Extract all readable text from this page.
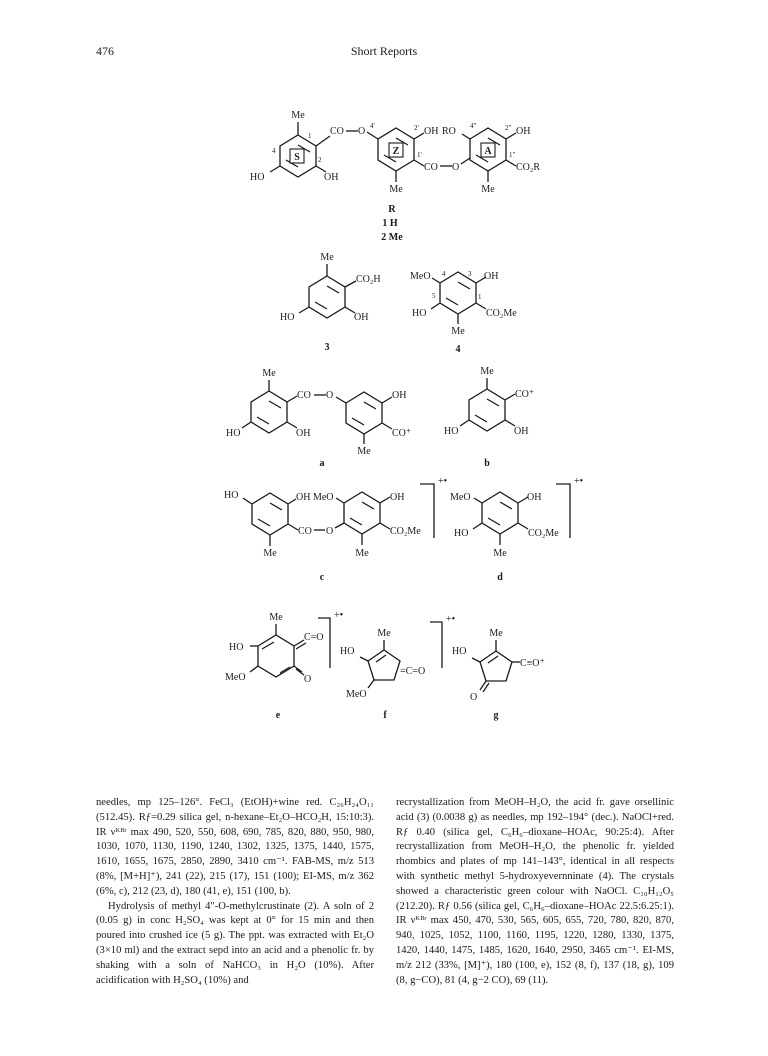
476	Short Reports
S
Me
1
2
4
HO	OH
CO O 4'
Z
2' OH
1'
CO O
Me
A
RO 4"	2" OH
1"
CO₂R
Me
R
1 H
2 Me
Me
CO₂H
HO	OH
3
MeO 4	3 OH
5	1
HO	CO₂Me
Me
4
Me
CO O
HO	OH
OH
CO⁺
Me
a
Me
CO⁺
HO	OH
b
HO	OH MeO
CO O
Me
OH
CO₂Me
Me
+•
c
MeO	OH
HO	CO₂Me
Me
+•
d
Me
HO
MeO	O
C=O
+•
e
Me
HO
MeO
=C=O
+•
f
Me
HO
O
C≡O⁺
g

needles, mp 125–126°. FeCl₃ (EtOH)+wine red. C₂₆H₂₄O₁₁ (512.45). Rƒ=0.29 silica gel, n-hexane–Et₂O–HCO₂H, 15:10:3). IR νᴷᴮʳ max 490, 520, 550, 608, 690, 785, 820, 880, 950, 980, 1030, 1070, 1130, 1190, 1240, 1302, 1325, 1375, 1440, 1575, 1610, 1655, 1675, 2850, 2890, 3410 cm⁻¹. FAB-MS, m/z 513 (8%, [M+H]⁺), 241 (22), 215 (17), 151 (100); EI-MS, m/z 362 (6%, c), 212 (23, d), 180 (41, e), 151 (100, b).

Hydrolysis of methyl 4"-O-methylcrustinate (2). A soln of 2 (0.05 g) in conc H₂SO₄ was kept at 0° for 15 min and then poured into crushed ice (5 g). The ppt. was extracted with Et₂O (3×10 ml) and the extract sepd into an acid and a phenolic fr. by shaking with a soln of NaHCO₃ in H₂O (10%). After acidification with H₂SO₄ (10%) and

recrystallization from MeOH–H₂O, the acid fr. gave orsellinic acid (3) (0.0038 g) as needles, mp 192–194° (dec.). NaOCl+red. Rƒ 0.40 (silica gel, C₆H₆–dioxane–HOAc, 90:25:4). After recrystallization from MeOH–H₂O, the phenolic fr. yielded rhombics and plates of mp 141–143°, identical in all respects with synthetic methyl 5-hydroxyevernninate (4). The crystals showed a characteristic green colour with NaOCl. C₁₀H₁₂O₅ (212.20). Rƒ 0.56 (silica gel, C₆H₆–dioxane–HOAc 22.5:6.25:1). IR νᴷᴮʳ max 450, 470, 530, 565, 605, 655, 720, 780, 820, 870, 940, 1025, 1052, 1100, 1160, 1195, 1220, 1280, 1330, 1375, 1420, 1440, 1475, 1485, 1620, 1640, 2950, 3465 cm⁻¹. EI-MS, m/z 212 (33%, [M]⁺), 180 (100, e), 152 (8, f), 137 (18, g), 109 (8, g−CO), 81 (4, g−2 CO), 69 (11).
